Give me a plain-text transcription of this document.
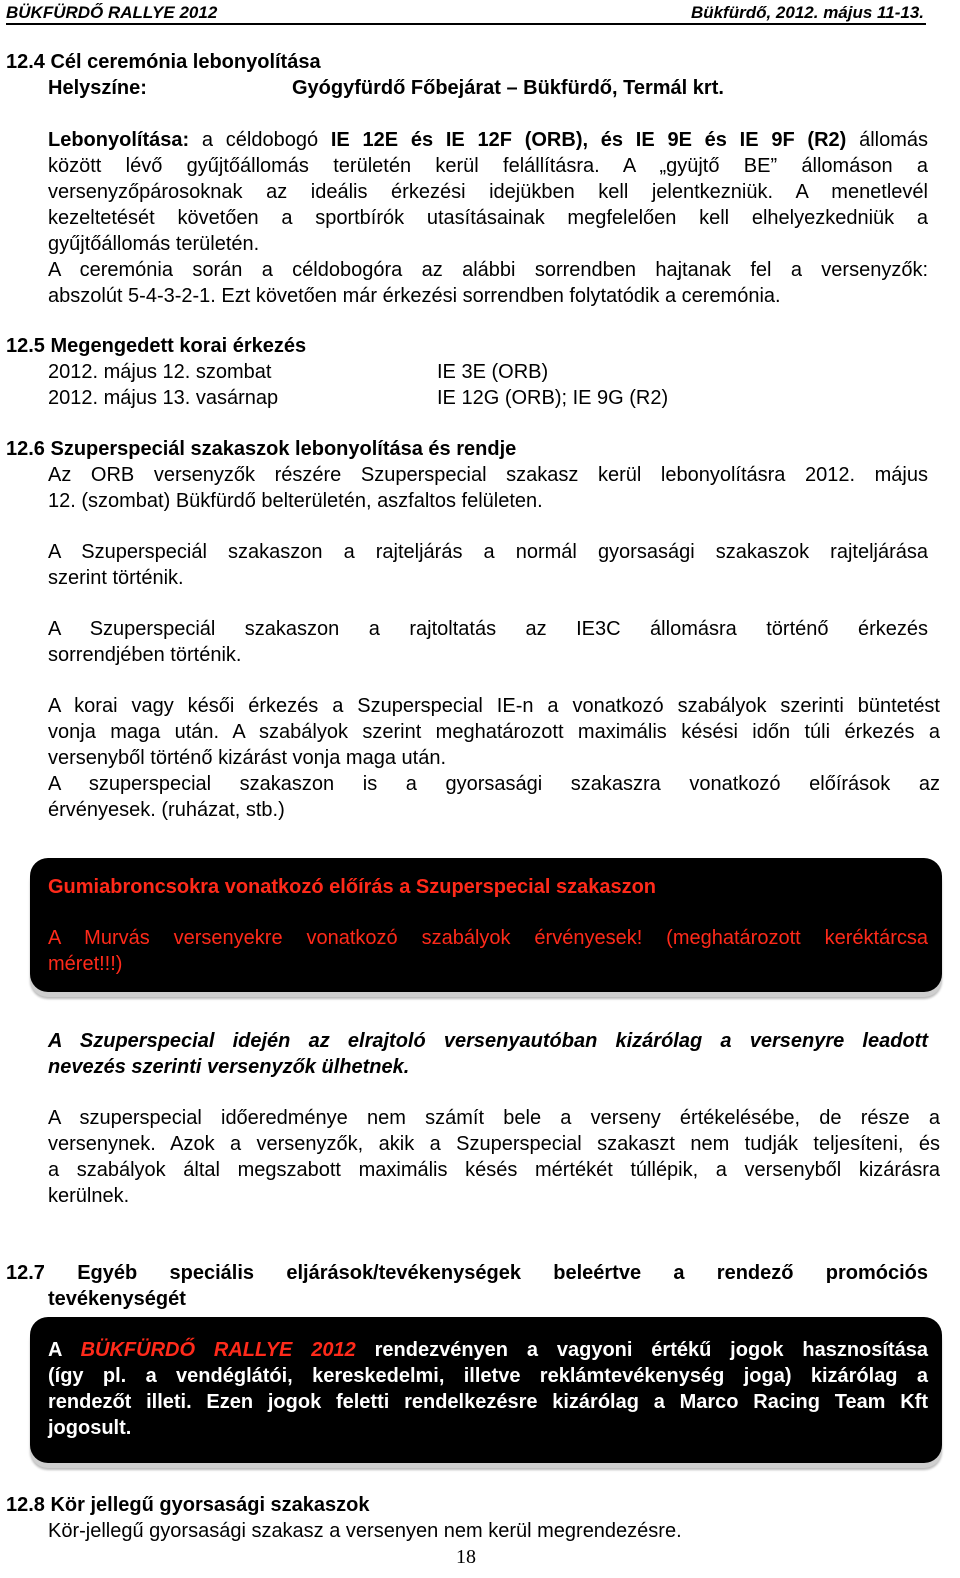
BÜKFÜRDŐ RALLYE 2012	Bükfürdő, 2012. május 11-13.
12.4 Cél ceremónia lebonyolítása
Helyszíne:	Gyógyfürdő Főbejárat – Bükfürdő, Termál krt.
Lebonyolítása: a céldobogó IE 12E és IE 12F (ORB), és IE 9E és IE 9F (R2) állomás
között lévő gyűjtőállomás területén kerül felállításra. A „gyüjtő BE” állomáson a
versenyzőpárosoknak az ideális érkezési idejükben kell jelentkezniük. A menetlevél
kezeltetését követően a sportbírók utasításainak megfelelően kell elhelyezkedniük a
gyűjtőállomás területén.
A ceremónia során a céldobogóra az alábbi sorrendben hajtanak fel a versenyzők:
abszolút 5-4-3-2-1. Ezt követően már érkezési sorrendben folytatódik a ceremónia.
12.5 Megengedett korai érkezés
2012. május 12. szombat	IE 3E (ORB)
2012. május 13. vasárnap	IE 12G (ORB); IE 9G (R2)
12.6 Szuperspeciál szakaszok lebonyolítása és rendje
Az ORB versenyzők részére Szuperspecial szakasz kerül lebonyolításra 2012. május
12. (szombat) Bükfürdő belterületén, aszfaltos felületen.
A Szuperspeciál szakaszon a rajteljárás a normál gyorsasági szakaszok rajteljárása
szerint történik.
A Szuperspeciál szakaszon a rajtoltatás az IE3C állomásra történő érkezés
sorrendjében történik.
A korai vagy késői érkezés a Szuperspecial IE-n a vonatkozó szabályok szerinti büntetést
vonja maga után. A szabályok szerint meghatározott maximális késési időn túli érkezés a
versenyből történő kizárást vonja maga után.
A szuperspecial szakaszon is a gyorsasági szakaszra vonatkozó előírások az
érvényesek. (ruházat, stb.)
Gumiabroncsokra vonatkozó előírás a Szuperspecial szakaszon
A Murvás versenyekre vonatkozó szabályok érvényesek! (meghatározott keréktárcsa
méret!!!)
A Szuperspecial idején az elrajtoló versenyautóban kizárólag a versenyre leadott
nevezés szerinti versenyzők ülhetnek.
A szuperspecial időeredménye nem számít bele a verseny értékelésébe, de része a
versenynek. Azok a versenyzők, akik a Szuperspecial szakaszt nem tudják teljesíteni, és
a szabályok által megszabott maximális késés mértékét túllépik, a versenyből kizárásra
kerülnek.
12.7 Egyéb speciális eljárások/tevékenységek beleértve a rendező promóciós
tevékenységét
A BÜKFÜRDŐ RALLYE 2012 rendezvényen a vagyoni értékű jogok hasznosítása
(így pl. a vendéglátói, kereskedelmi, illetve reklámtevékenység joga) kizárólag a
rendezőt illeti. Ezen jogok feletti rendelkezésre kizárólag a Marco Racing Team Kft
jogosult.
12.8 Kör jellegű gyorsasági szakaszok
Kör-jellegű gyorsasági szakasz a versenyen nem kerül megrendezésre.
18
